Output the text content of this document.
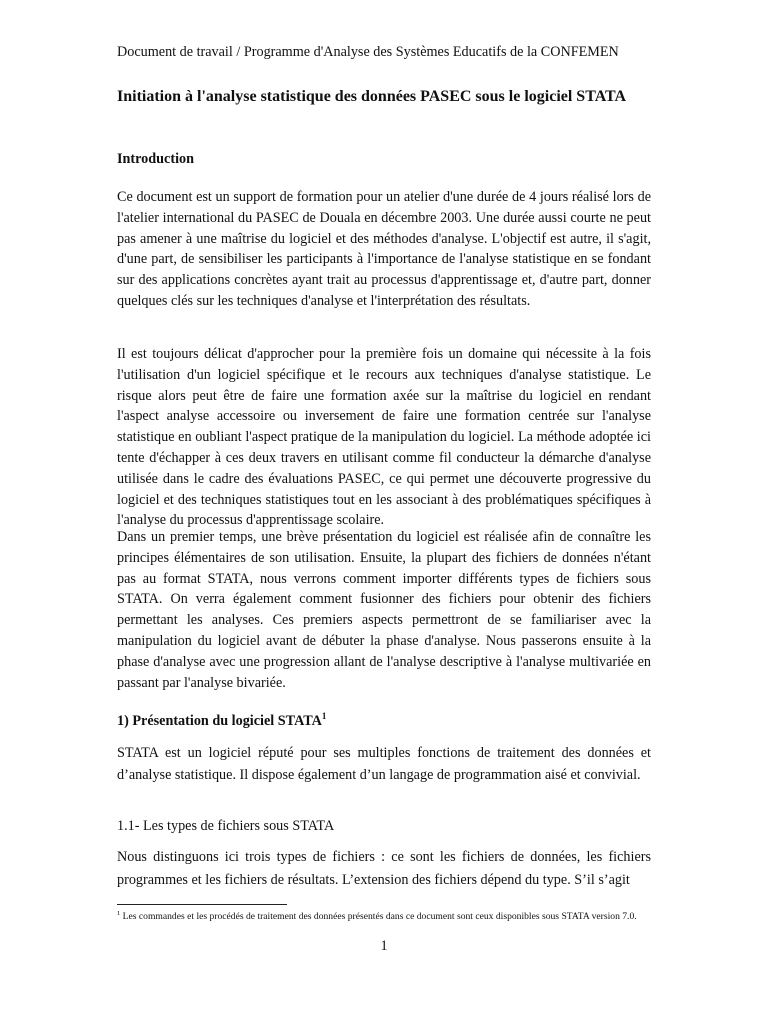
Document de travail / Programme d'Analyse des Systèmes Educatifs de la CONFEMEN
Initiation à l'analyse statistique des données PASEC sous le logiciel STATA
Introduction

Ce document est un support de formation pour un atelier d'une durée de 4 jours réalisé lors de l'atelier international du PASEC de Douala en décembre 2003. Une durée aussi courte ne peut pas amener à une maîtrise du logiciel et des méthodes d'analyse. L'objectif est autre, il s'agit, d'une part, de sensibiliser les participants à l'importance de l'analyse statistique en se fondant sur des applications concrètes ayant trait au processus d'apprentissage et, d'autre part, donner quelques clés sur les techniques d'analyse et l'interprétation des résultats.

Il est toujours délicat d'approcher pour la première fois un domaine qui nécessite à la fois l'utilisation d'un logiciel spécifique et le recours aux techniques d'analyse statistique. Le risque alors peut être de faire une formation axée sur la maîtrise du logiciel en rendant l'aspect analyse accessoire ou inversement de faire une formation centrée sur l'analyse statistique en oubliant l'aspect pratique de la manipulation du logiciel. La méthode adoptée ici tente d'échapper à ces deux travers en utilisant comme fil conducteur la démarche d'analyse utilisée dans le cadre des évaluations PASEC, ce qui permet une découverte progressive du logiciel et des techniques statistiques tout en les associant à des problématiques spécifiques à l'analyse du processus d'apprentissage scolaire.

Dans un premier temps, une brève présentation du logiciel est réalisée afin de connaître les principes élémentaires de son utilisation. Ensuite, la plupart des fichiers de données n'étant pas au format STATA, nous verrons comment importer différents types de fichiers sous STATA. On verra également comment fusionner des fichiers pour obtenir des fichiers permettant les analyses. Ces premiers aspects permettront de se familiariser avec la manipulation du logiciel avant de débuter la phase d'analyse. Nous passerons ensuite à la phase d'analyse avec une progression allant de l'analyse descriptive à l'analyse multivariée en passant par l'analyse bivariée.

1) Présentation du logiciel STATA$^1$

STATA est un logiciel réputé pour ses multiples fonctions de traitement des données et d’analyse statistique. Il dispose également d’un langage de programmation aisé et convivial.

1.1- Les types de fichiers sous STATA

Nous distinguons ici trois types de fichiers : ce sont les fichiers de données, les fichiers programmes et les fichiers de résultats. L’extension des fichiers dépend du type. S’il s’agit

$^1$ Les commandes et les procédés de traitement des données présentés dans ce document sont ceux disponibles sous STATA version 7.0.
1
